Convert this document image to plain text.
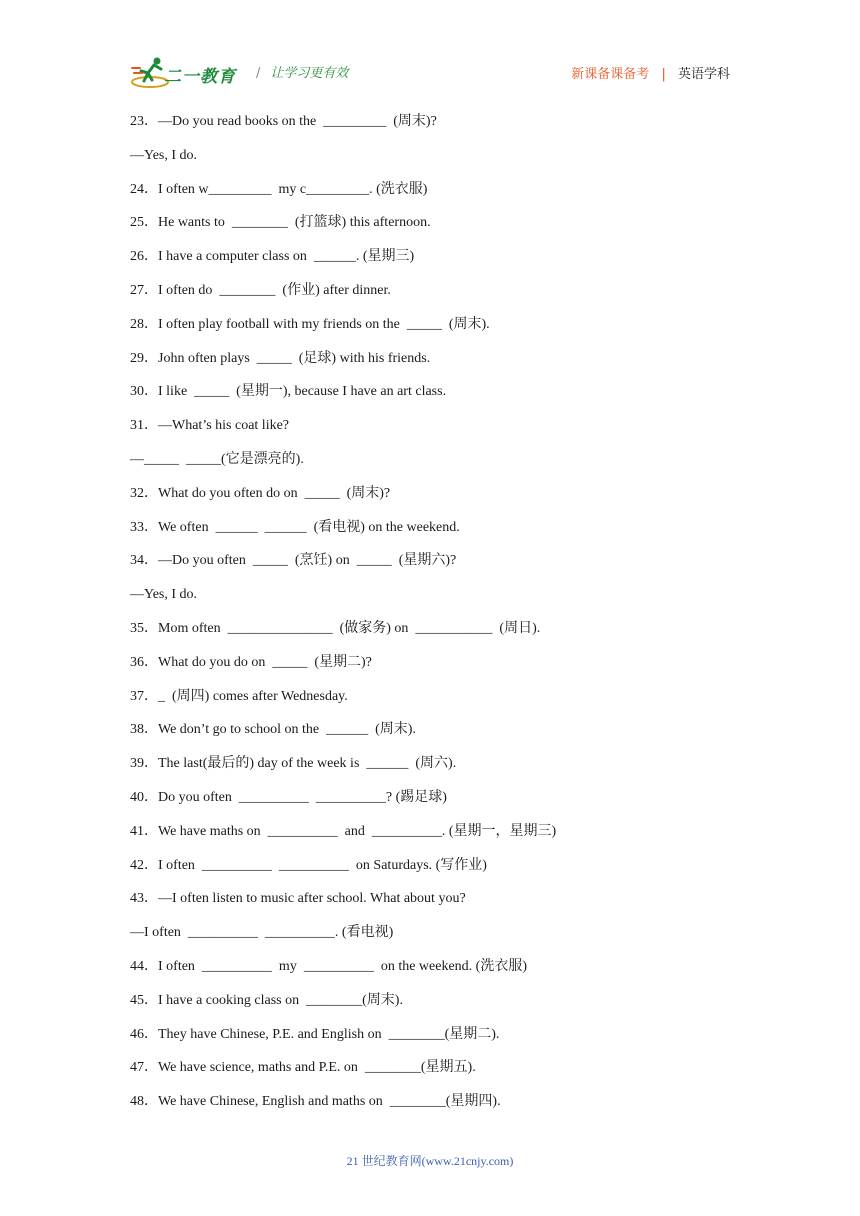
二一教育 / 让学习更有效	新课备课备考 | 英语学科
23．—Do you read books on the  _________  (周末)?
—Yes, I do.
24．I often w_________  my c_________. (洗衣服)
25．He wants to  ________  (打篮球) this afternoon.
26．I have a computer class on  ______. (星期三)
27．I often do  ________  (作业) after dinner.
28．I often play football with my friends on the  _____  (周末).
29．John often plays  _____  (足球) with his friends.
30．I like  _____  (星期一), because I have an art class.
31．—What’s his coat like?
—_____  _____(它是漂亮的).
32．What do you often do on  _____  (周末)?
33．We often  ______  ______  (看电视) on the weekend.
34．—Do you often  _____  (烹饪) on  _____  (星期六)?
—Yes, I do.
35．Mom often  _______________  (做家务) on  ___________  (周日).
36．What do you do on  _____  (星期二)?
37．_  (周四) comes after Wednesday.
38．We don’t go to school on the  ______  (周末).
39．The last(最后的) day of the week is  ______  (周六).
40．Do you often  __________  __________? (踢足球)
41．We have maths on  __________  and  __________. (星期一，星期三)
42．I often  __________  __________  on Saturdays. (写作业)
43．—I often listen to music after school. What about you?
—I often  __________  __________. (看电视)
44．I often  __________  my  __________  on the weekend. (洗衣服)
45．I have a cooking class on  ________(周末).
46．They have Chinese, P.E. and English on  ________(星期二).
47．We have science, maths and P.E. on  ________(星期五).
48．We have Chinese, English and maths on  ________(星期四).
21 世纪教育网(www.21cnjy.com)
